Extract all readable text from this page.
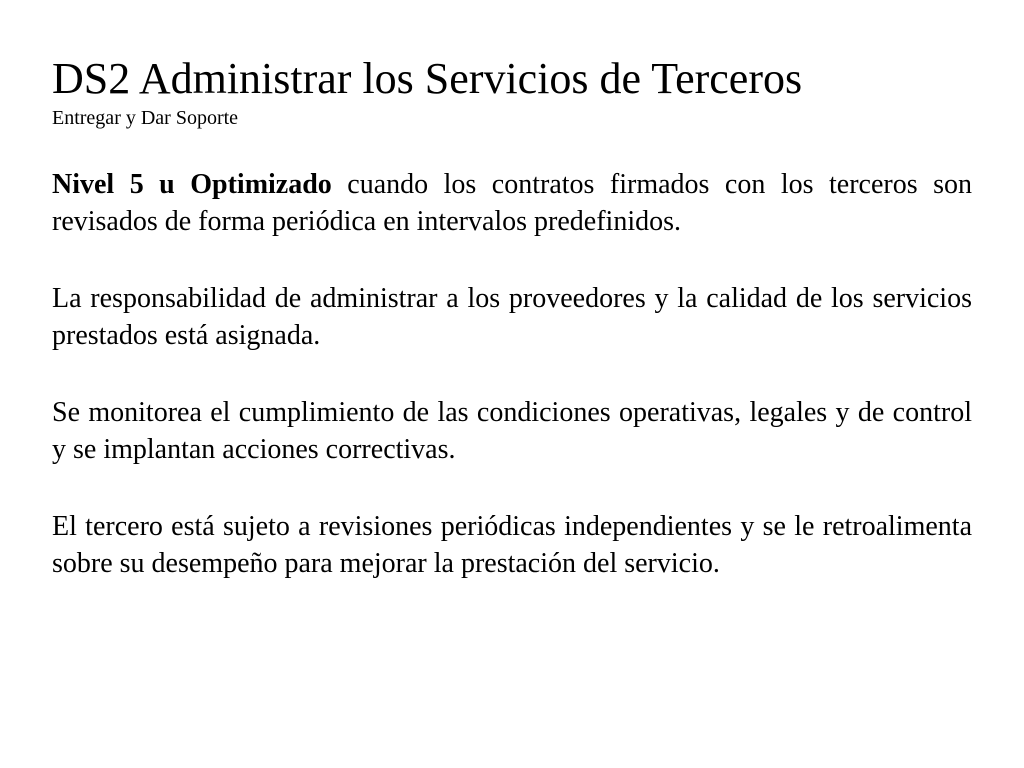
DS2 Administrar los Servicios de Terceros
Entregar y Dar Soporte

Nivel 5 u Optimizado cuando los contratos firmados con los terceros son revisados de forma periódica en intervalos predefinidos.

La responsabilidad de administrar a los proveedores y la calidad de los servicios prestados está asignada.

Se monitorea el cumplimiento de las condiciones operativas, legales y de control y se implantan acciones correctivas.

El tercero está sujeto a revisiones periódicas independientes y se le retroalimenta sobre su desempeño para mejorar la prestación del servicio.
